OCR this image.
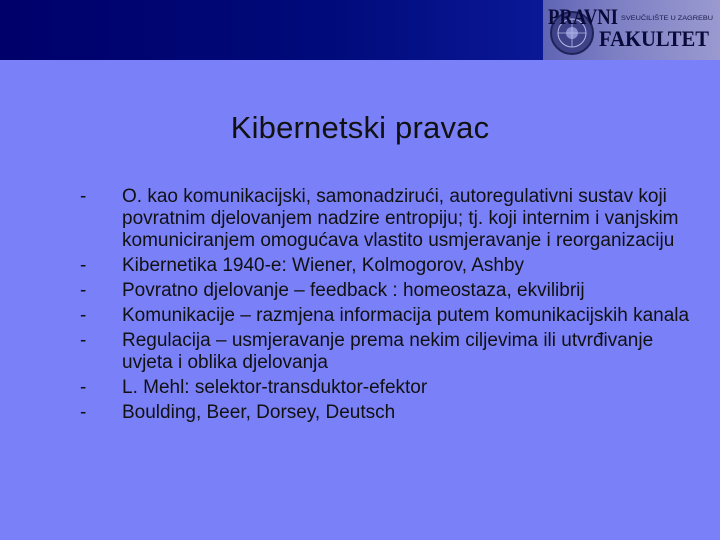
PRAVNI SVEUČILIŠTE U ZAGREBU
FAKULTET
Kibernetski pravac
-	O. kao komunikacijski, samonadzirući, autoregulativni sustav koji povratnim djelovanjem nadzire entropiju; tj. koji internim i vanjskim komuniciranjem omogućava vlastito usmjeravanje i reorganizaciju
-	Kibernetika 1940-e: Wiener, Kolmogorov, Ashby
-	Povratno djelovanje – feedback : homeostaza, ekvilibrij
-	Komunikacije – razmjena informacija putem komunikacijskih kanala
-	Regulacija – usmjeravanje prema nekim ciljevima ili utvrđivanje uvjeta i oblika djelovanja
-	L. Mehl: selektor-transduktor-efektor
-	Boulding, Beer, Dorsey, Deutsch
